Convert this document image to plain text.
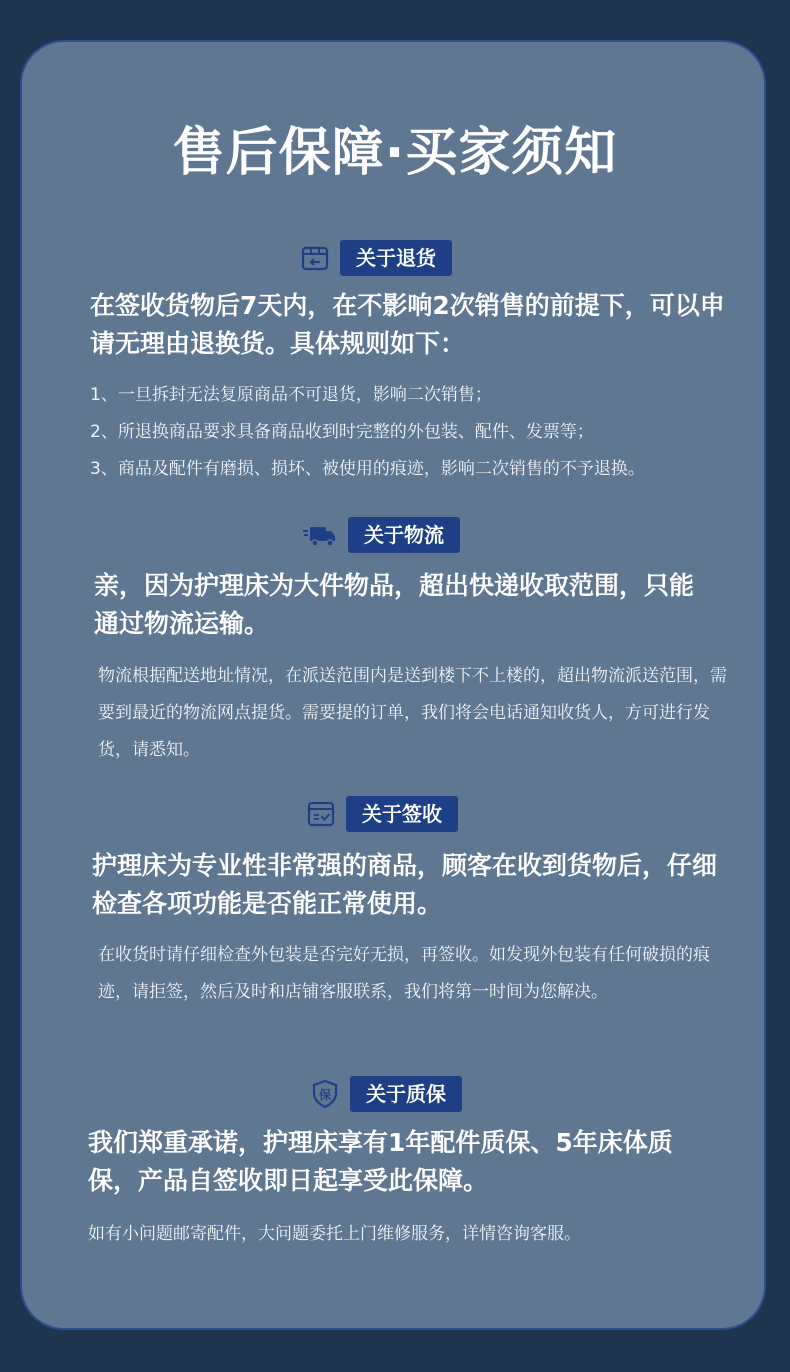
售后保障·买家须知
关于退货

在签收货物后7天内，在不影响2次销售的前提下，可以申请无理由退换货。具体规则如下：

1、一旦拆封无法复原商品不可退货，影响二次销售；

2、所退换商品要求具备商品收到时完整的外包装、配件、发票等；

3、商品及配件有磨损、损坏、被使用的痕迹，影响二次销售的不予退换。

关于物流

亲，因为护理床为大件物品，超出快递收取范围，只能通过物流运输。

物流根据配送地址情况，在派送范围内是送到楼下不上楼的，超出物流派送范围，需要到最近的物流网点提货。需要提的订单，我们将会电话通知收货人，方可进行发货，请悉知。

关于签收

护理床为专业性非常强的商品，顾客在收到货物后，仔细检查各项功能是否能正常使用。

在收货时请仔细检查外包装是否完好无损，再签收。如发现外包装有任何破损的痕迹，请拒签，然后及时和店铺客服联系，我们将第一时间为您解决。

保	关于质保

我们郑重承诺，护理床享有1年配件质保、5年床体质保，产品自签收即日起享受此保障。

如有小问题邮寄配件，大问题委托上门维修服务，详情咨询客服。
